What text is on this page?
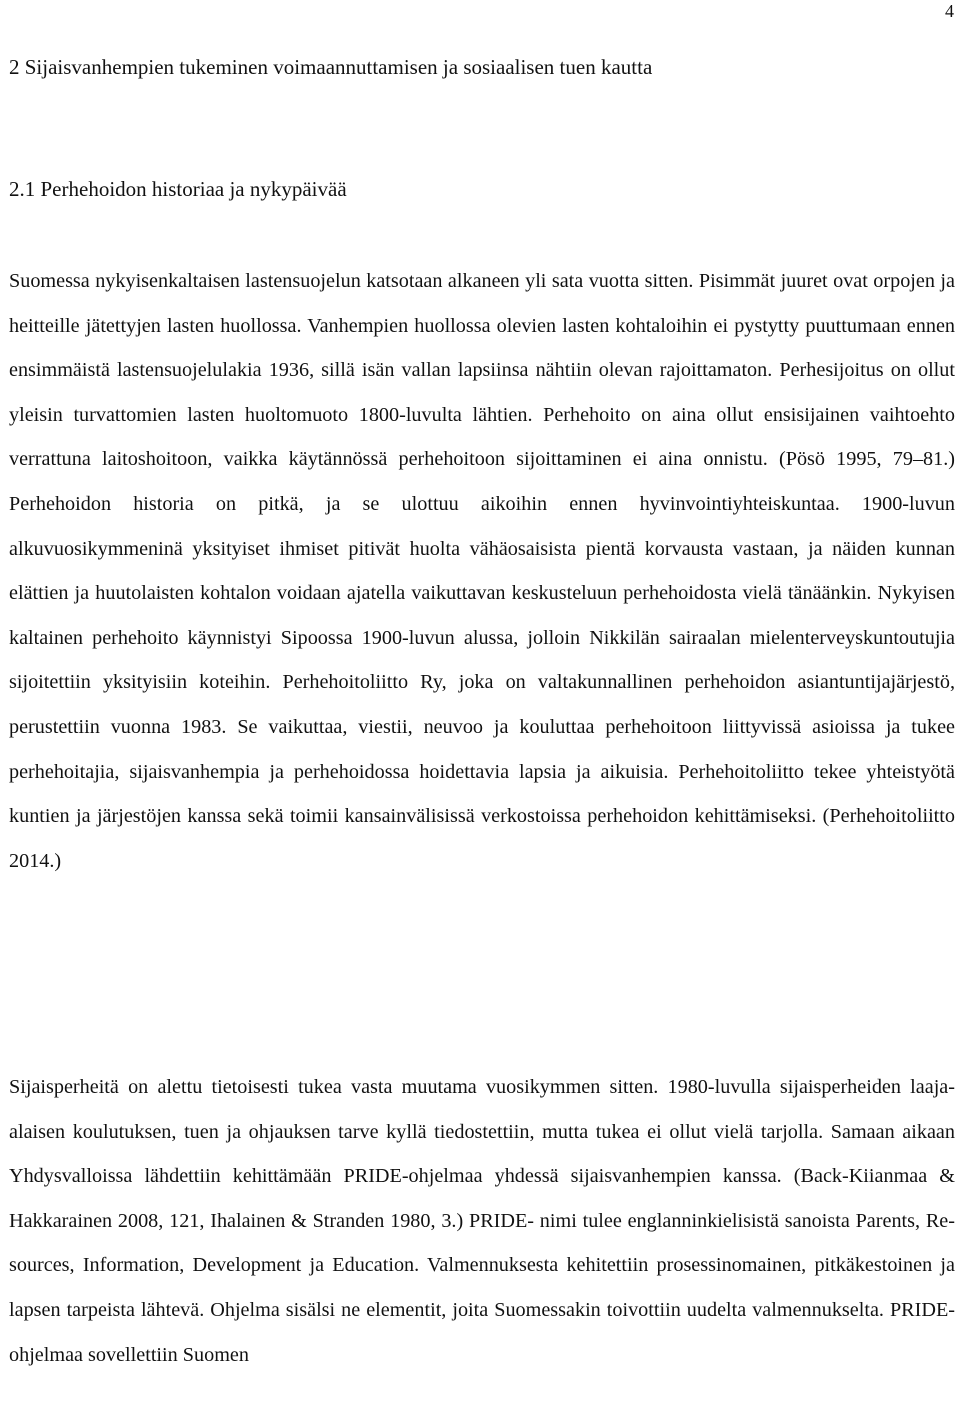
4
2 Sijaisvanhempien tukeminen voimaannuttamisen ja sosiaalisen tuen kautta
2.1 Perhehoidon historiaa ja nykypäivää

Suomessa nykyisenkaltaisen lastensuojelun katsotaan alkaneen yli sata vuotta sitten. Pisimmät juuret ovat orpojen ja heitteille jätettyjen lasten huollossa. Vanhempien huollossa olevien lasten kohtaloihin ei pystytty puuttumaan ennen ensimmäistä lastensuojelulakia 1936, sillä isän vallan lapsiinsa nähtiin olevan rajoittamaton. Perhesijoitus on ollut yleisin turvattomien lasten huoltomuoto 1800-luvulta lähtien. Perhehoito on aina ollut ensisijainen vaihtoehto verrattuna laitoshoitoon, vaikka käytännössä perhehoitoon sijoittaminen ei aina onnistu. (Pösö 1995, 79–81.) Perhehoidon historia on pitkä, ja se ulottuu aikoihin ennen hyvinvointiyhteiskuntaa. 1900-luvun alkuvuosikymmeninä yksityiset ihmiset pitivät huolta vähäosaisista pientä korvausta vastaan, ja näiden kunnan elättien ja huutolaisten kohtalon voidaan ajatella vaikuttavan keskusteluun perhehoidosta vielä tänäänkin. Nykyisen kaltainen perhehoito käynnistyi Sipoossa 1900-luvun alussa, jolloin Nikkilän sairaalan mielenterveyskuntoutujia sijoitettiin yksityisiin koteihin. Perhehoitoliitto Ry, joka on valtakunnallinen perhehoidon asiantuntijajärjestö, perustettiin vuonna 1983. Se vaikuttaa, viestii, neuvoo ja kouluttaa perhehoitoon liittyvissä asioissa ja tukee perhehoitajia, sijaisvanhempia ja perhehoidossa hoidettavia lapsia ja aikuisia. Perhehoitoliitto tekee yhteistyötä kuntien ja järjestöjen kanssa sekä toimii kansainvälisissä verkostoissa perhehoidon kehittämiseksi. (Perhehoitoliitto 2014.)

Sijaisperheitä on alettu tietoisesti tukea vasta muutama vuosikymmen sitten. 1980-luvulla sijaisperheiden laaja-alaisen koulutuksen, tuen ja ohjauksen tarve kyllä tiedostettiin, mutta tukea ei ollut vielä tarjolla. Samaan aikaan Yhdysvalloissa lähdettiin kehittämään PRIDE-ohjelmaa yhdessä sijaisvanhempien kanssa. (Back-Kiianmaa & Hakkarainen 2008, 121, Ihalainen & Stranden 1980, 3.) PRIDE- nimi tulee englanninkielisistä sanoista Parents, Resources, Information, Development ja Education. Valmennuksesta kehitettiin prosessinomainen, pitkäkestoinen ja lapsen tarpeista lähtevä. Ohjelma sisälsi ne elementit, joita Suomessakin toivottiin uudelta valmennukselta. PRIDE-ohjelmaa sovellettiin Suomen
